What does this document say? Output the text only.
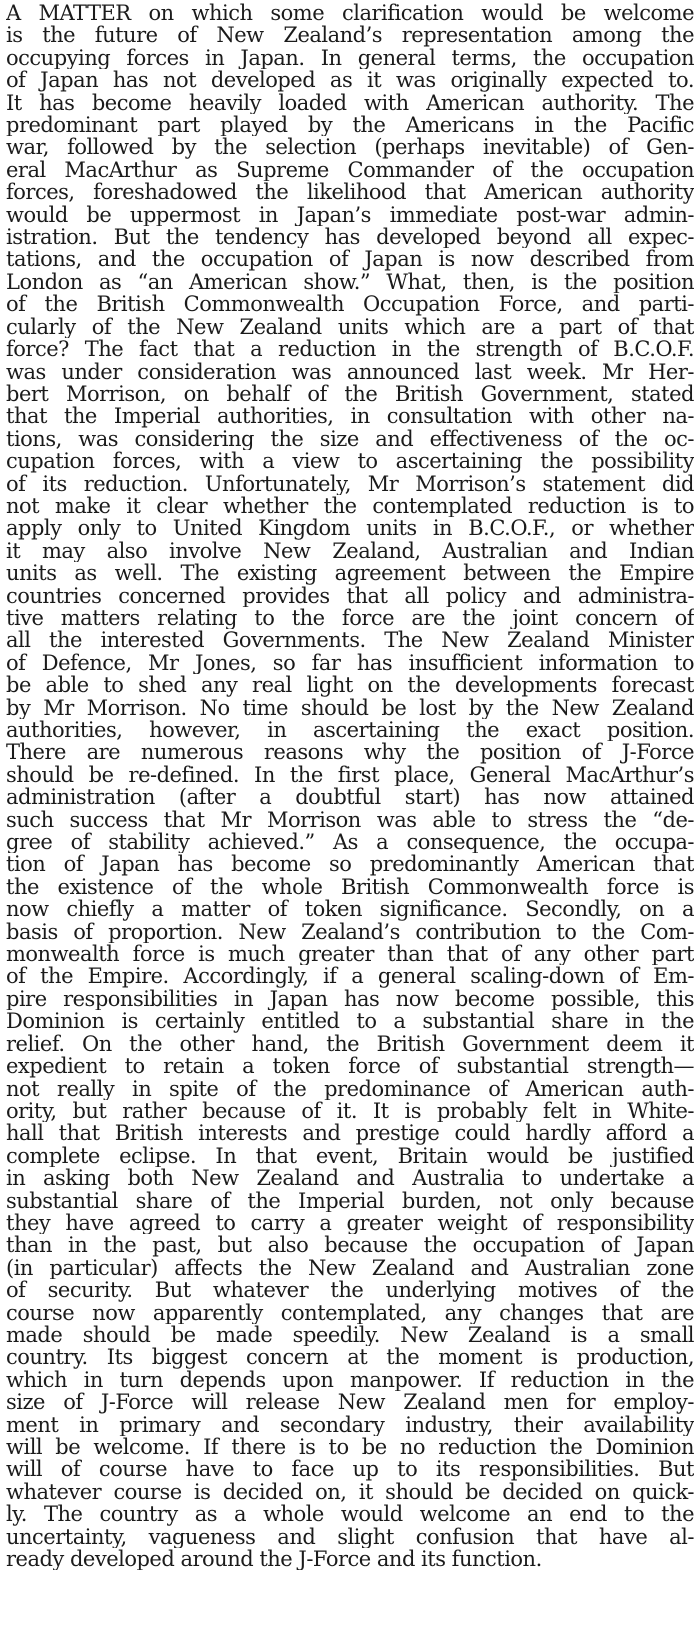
A MATTER on which some clarification would be welcome
is the future of New Zealand’s representation among the
occupying forces in Japan. In general terms, the occupation
of Japan has not developed as it was originally expected to.
It has become heavily loaded with American authority. The
predominant part played by the Americans in the Pacific
war, followed by the selection (perhaps inevitable) of Gen-
eral MacArthur as Supreme Commander of the occupation
forces, foreshadowed the likelihood that American authority
would be uppermost in Japan’s immediate post-war admin-
istration. But the tendency has developed beyond all expec-
tations, and the occupation of Japan is now described from
London as “an American show.” What, then, is the position
of the British Commonwealth Occupation Force, and parti-
cularly of the New Zealand units which are a part of that
force? The fact that a reduction in the strength of B.C.O.F.
was under consideration was announced last week. Mr Her-
bert Morrison, on behalf of the British Government, stated
that the Imperial authorities, in consultation with other na-
tions, was considering the size and effectiveness of the oc-
cupation forces, with a view to ascertaining the possibility
of its reduction. Unfortunately, Mr Morrison’s statement did
not make it clear whether the contemplated reduction is to
apply only to United Kingdom units in B.C.O.F., or whether
it may also involve New Zealand, Australian and Indian
units as well. The existing agreement between the Empire
countries concerned provides that all policy and administra-
tive matters relating to the force are the joint concern of
all the interested Governments. The New Zealand Minister
of Defence, Mr Jones, so far has insufficient information to
be able to shed any real light on the developments forecast
by Mr Morrison. No time should be lost by the New Zealand
authorities, however, in ascertaining the exact position.
There are numerous reasons why the position of J-Force
should be re-defined. In the first place, General MacArthur’s
administration (after a doubtful start) has now attained
such success that Mr Morrison was able to stress the “de-
gree of stability achieved.” As a consequence, the occupa-
tion of Japan has become so predominantly American that
the existence of the whole British Commonwealth force is
now chiefly a matter of token significance. Secondly, on a
basis of proportion. New Zealand’s contribution to the Com-
monwealth force is much greater than that of any other part
of the Empire. Accordingly, if a general scaling-down of Em-
pire responsibilities in Japan has now become possible, this
Dominion is certainly entitled to a substantial share in the
relief. On the other hand, the British Government deem it
expedient to retain a token force of substantial strength—
not really in spite of the predominance of American auth-
ority, but rather because of it. It is probably felt in White-
hall that British interests and prestige could hardly afford a
complete eclipse. In that event, Britain would be justified
in asking both New Zealand and Australia to undertake a
substantial share of the Imperial burden, not only because
they have agreed to carry a greater weight of responsibility
than in the past, but also because the occupation of Japan
(in particular) affects the New Zealand and Australian zone
of security. But whatever the underlying motives of the
course now apparently contemplated, any changes that are
made should be made speedily. New Zealand is a small
country. Its biggest concern at the moment is production,
which in turn depends upon manpower. If reduction in the
size of J-Force will release New Zealand men for employ-
ment in primary and secondary industry, their availability
will be welcome. If there is to be no reduction the Dominion
will of course have to face up to its responsibilities. But
whatever course is decided on, it should be decided on quick-
ly. The country as a whole would welcome an end to the
uncertainty, vagueness and slight confusion that have al-
ready developed around the J-Force and its function.
